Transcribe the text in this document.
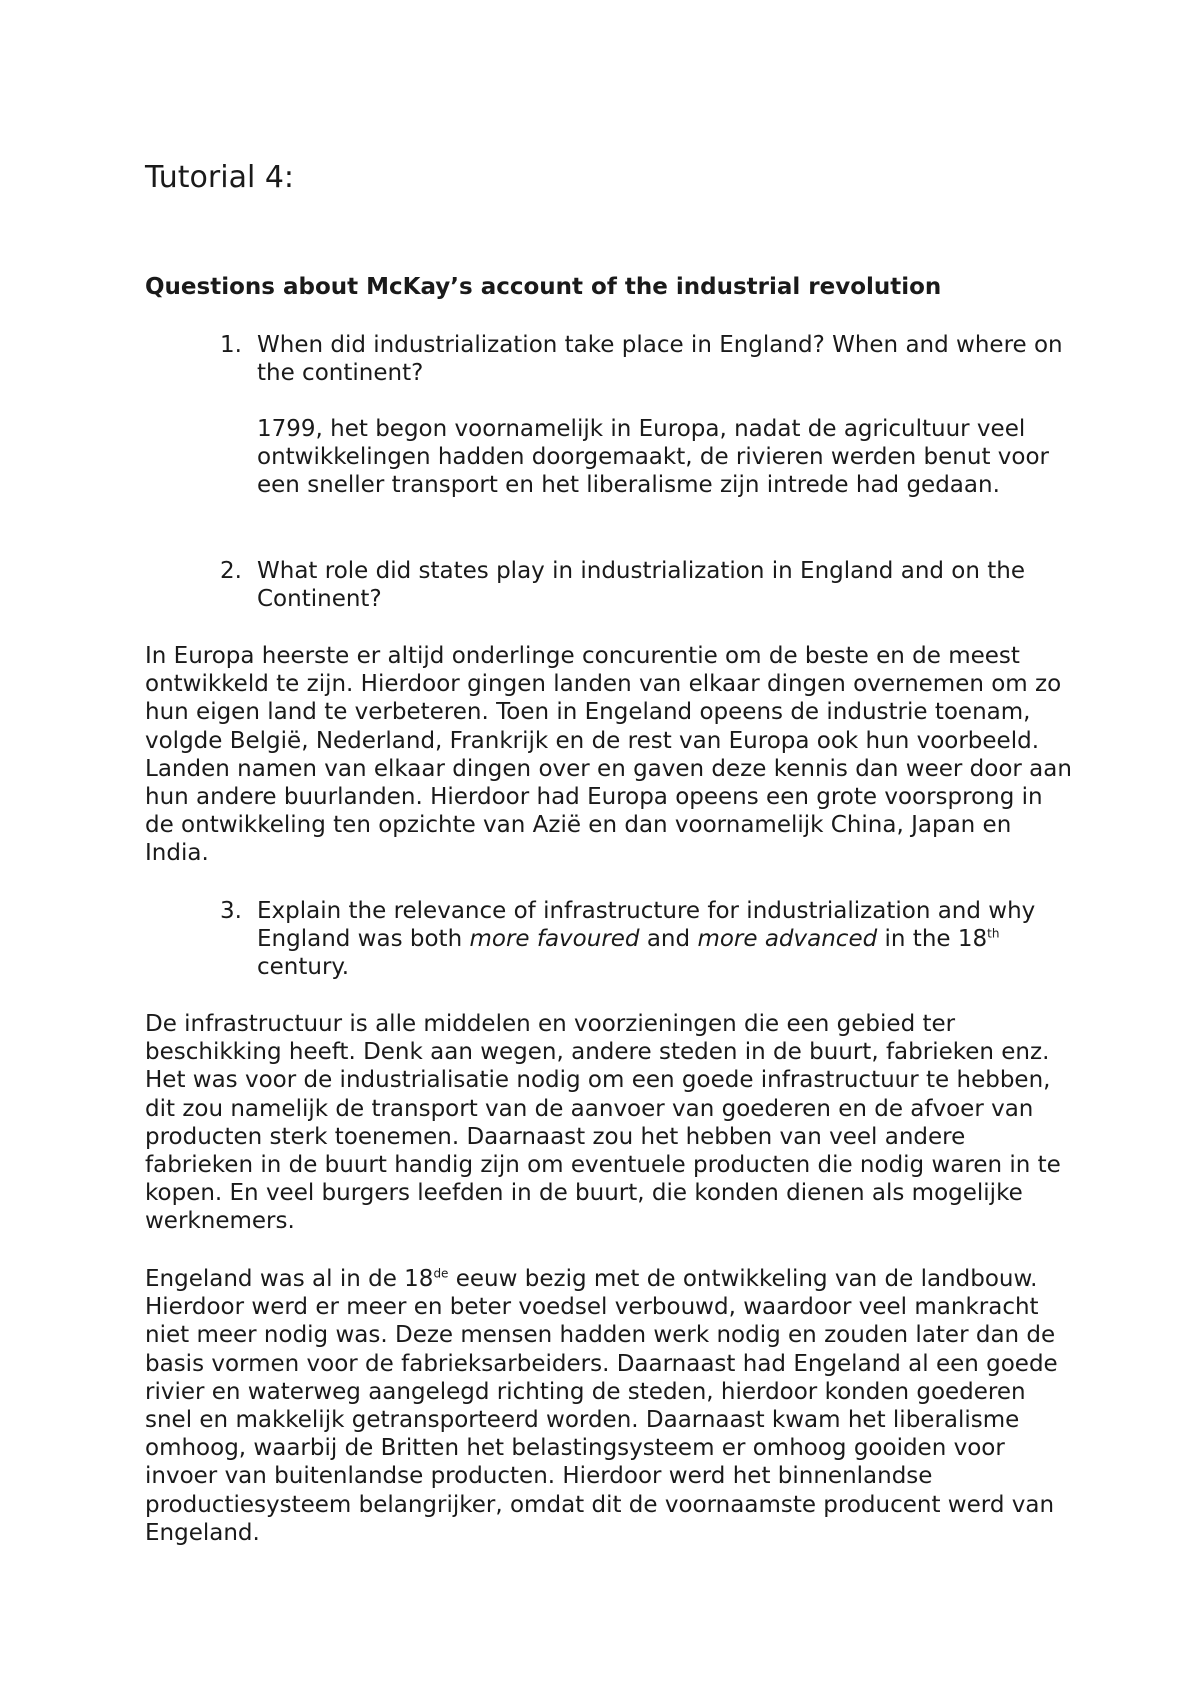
Tutorial 4:
Questions about McKay’s account of the industrial revolution
1. When did industrialization take place in England? When and where on the continent?

1799, het begon voornamelijk in Europa, nadat de agricultuur veel ontwikkelingen hadden doorgemaakt, de rivieren werden benut voor een sneller transport en het liberalisme zijn intrede had gedaan.

2. What role did states play in industrialization in England and on the Continent?

In Europa heerste er altijd onderlinge concurentie om de beste en de meest ontwikkeld te zijn. Hierdoor gingen landen van elkaar dingen overnemen om zo hun eigen land te verbeteren. Toen in Engeland opeens de industrie toenam, volgde België, Nederland, Frankrijk en de rest van Europa ook hun voorbeeld. Landen namen van elkaar dingen over en gaven deze kennis dan weer door aan hun andere buurlanden. Hierdoor had Europa opeens een grote voorsprong in de ontwikkeling ten opzichte van Azië en dan voornamelijk China, Japan en India.

3. Explain the relevance of infrastructure for industrialization and why England was both more favoured and more advanced in the 18th century.

De infrastructuur is alle middelen en voorzieningen die een gebied ter beschikking heeft. Denk aan wegen, andere steden in de buurt, fabrieken enz. Het was voor de industrialisatie nodig om een goede infrastructuur te hebben, dit zou namelijk de transport van de aanvoer van goederen en de afvoer van producten sterk toenemen. Daarnaast zou het hebben van veel andere fabrieken in de buurt handig zijn om eventuele producten die nodig waren in te kopen. En veel burgers leefden in de buurt, die konden dienen als mogelijke werknemers.

Engeland was al in de 18de eeuw bezig met de ontwikkeling van de landbouw. Hierdoor werd er meer en beter voedsel verbouwd, waardoor veel mankracht niet meer nodig was. Deze mensen hadden werk nodig en zouden later dan de basis vormen voor de fabrieksarbeiders. Daarnaast had Engeland al een goede rivier en waterweg aangelegd richting de steden, hierdoor konden goederen snel en makkelijk getransporteerd worden. Daarnaast kwam het liberalisme omhoog, waarbij de Britten het belastingsysteem er omhoog gooiden voor invoer van buitenlandse producten. Hierdoor werd het binnenlandse productiesysteem belangrijker, omdat dit de voornaamste producent werd van Engeland.
